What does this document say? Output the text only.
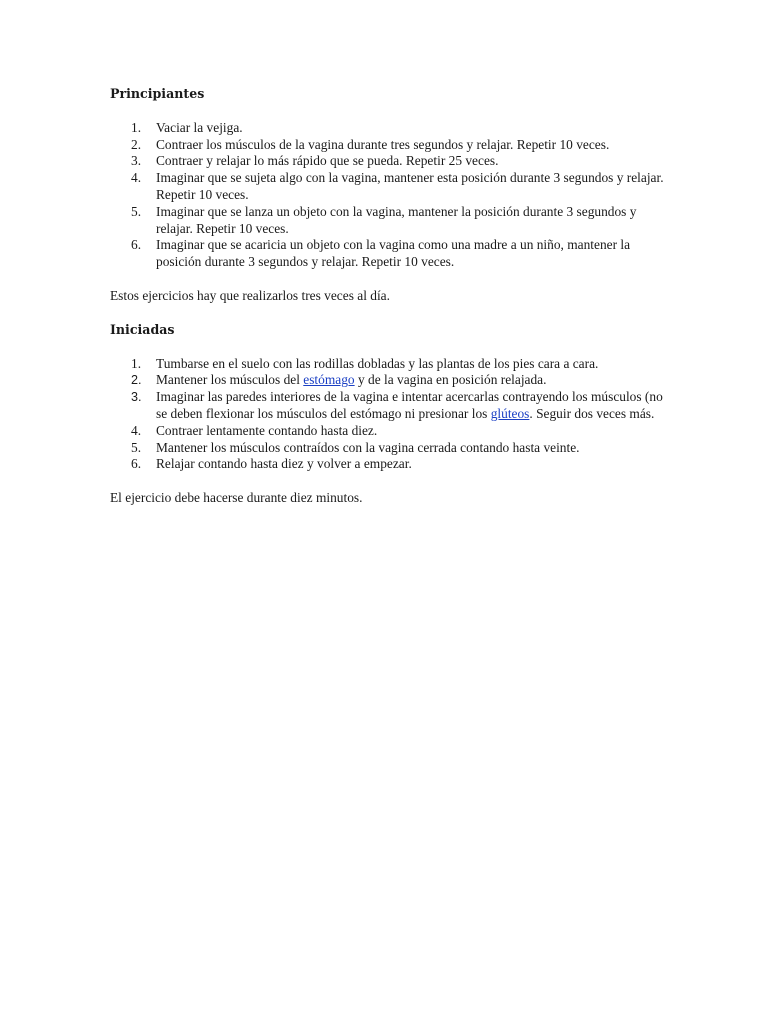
Principiantes
1. Vaciar la vejiga.
2. Contraer los músculos de la vagina durante tres segundos y relajar. Repetir 10 veces.
3. Contraer y relajar lo más rápido que se pueda. Repetir 25 veces.
4. Imaginar que se sujeta algo con la vagina, mantener esta posición durante 3 segundos y relajar. Repetir 10 veces.
5. Imaginar que se lanza un objeto con la vagina, mantener la posición durante 3 segundos y relajar. Repetir 10 veces.
6. Imaginar que se acaricia un objeto con la vagina como una madre a un niño, mantener la posición durante 3 segundos y relajar. Repetir 10 veces.

Estos ejercicios hay que realizarlos tres veces al día.

Iniciadas
1. Tumbarse en el suelo con las rodillas dobladas y las plantas de los pies cara a cara.
2. Mantener los músculos del estómago y de la vagina en posición relajada.
3. Imaginar las paredes interiores de la vagina e intentar acercarlas contrayendo los músculos (no se deben flexionar los músculos del estómago ni presionar los glúteos. Seguir dos veces más.
4. Contraer lentamente contando hasta diez.
5. Mantener los músculos contraídos con la vagina cerrada contando hasta veinte.
6. Relajar contando hasta diez y volver a empezar.

El ejercicio debe hacerse durante diez minutos.
